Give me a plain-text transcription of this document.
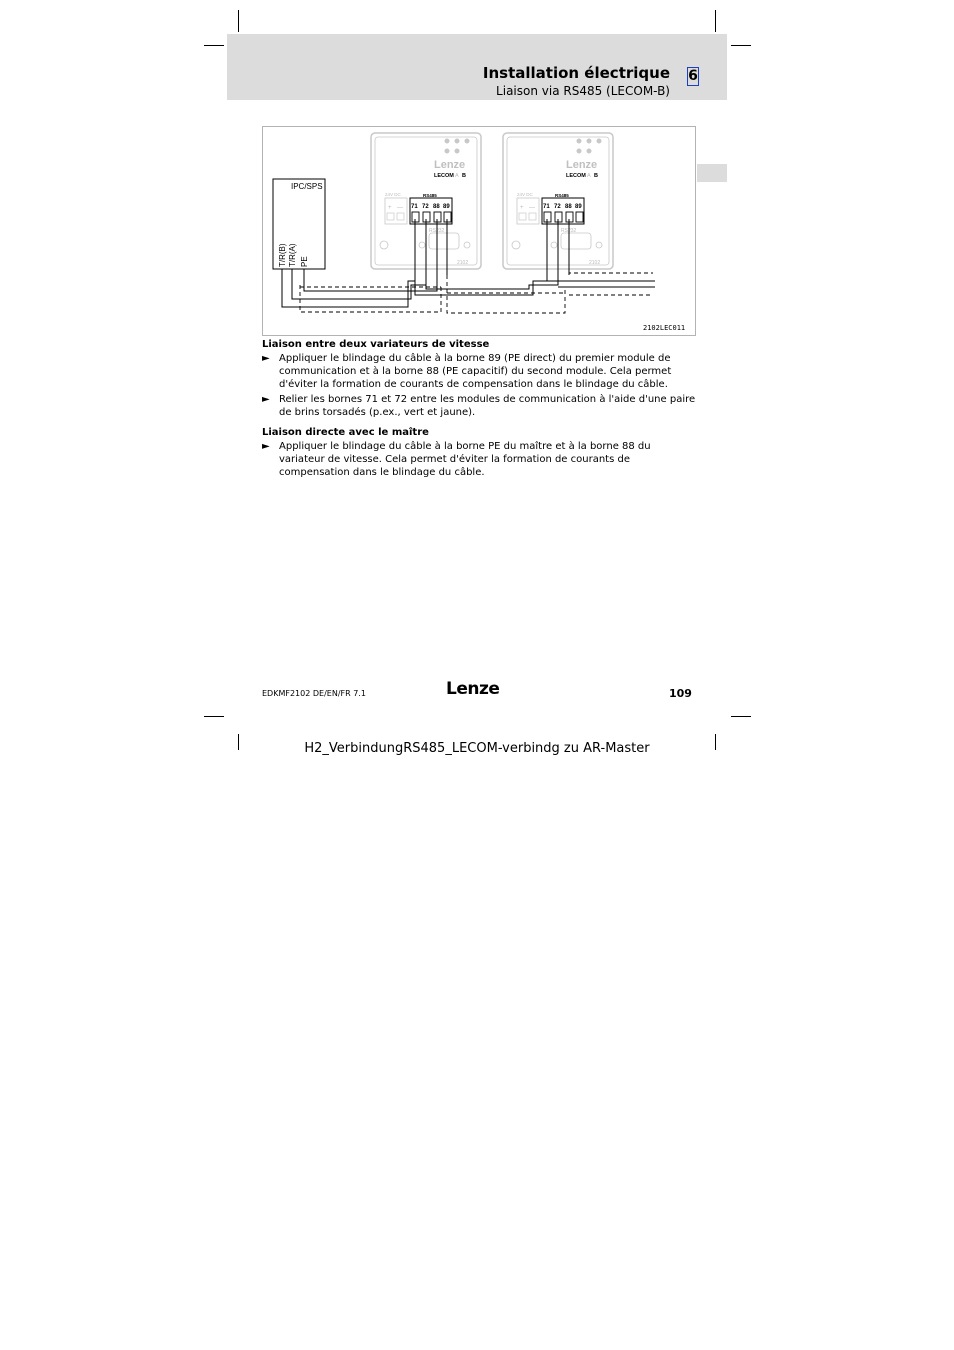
Installation électrique
Liaison via RS485 (LECOM-B)
6
IPC/SPS
T/R(B) T/R(A) PE
Lenze
LECOM A B
24V DC
+ —
RS485
71 72 88 89
RS232
2102
Lenze
LECOM A B
24V DC
+ —
RS485
71 72 88 89
RS232
2102
2102LEC011
Liaison entre deux variateurs de vitesse
► Appliquer le blindage du câble à la borne 89 (PE direct) du premier module de communication et à la borne 88 (PE capacitif) du second module. Cela permet d'éviter la formation de courants de compensation dans le blindage du câble.
► Relier les bornes 71 et 72 entre les modules de communication à l'aide d'une paire de brins torsadés (p.ex., vert et jaune).
Liaison directe avec le maître
► Appliquer le blindage du câble à la borne PE du maître et à la borne 88 du variateur de vitesse. Cela permet d'éviter la formation de courants de compensation dans le blindage du câble.
EDKMF2102 DE/EN/FR 7.1	Lenze	109
H2_VerbindungRS485_LECOM-verbindg zu AR-Master
